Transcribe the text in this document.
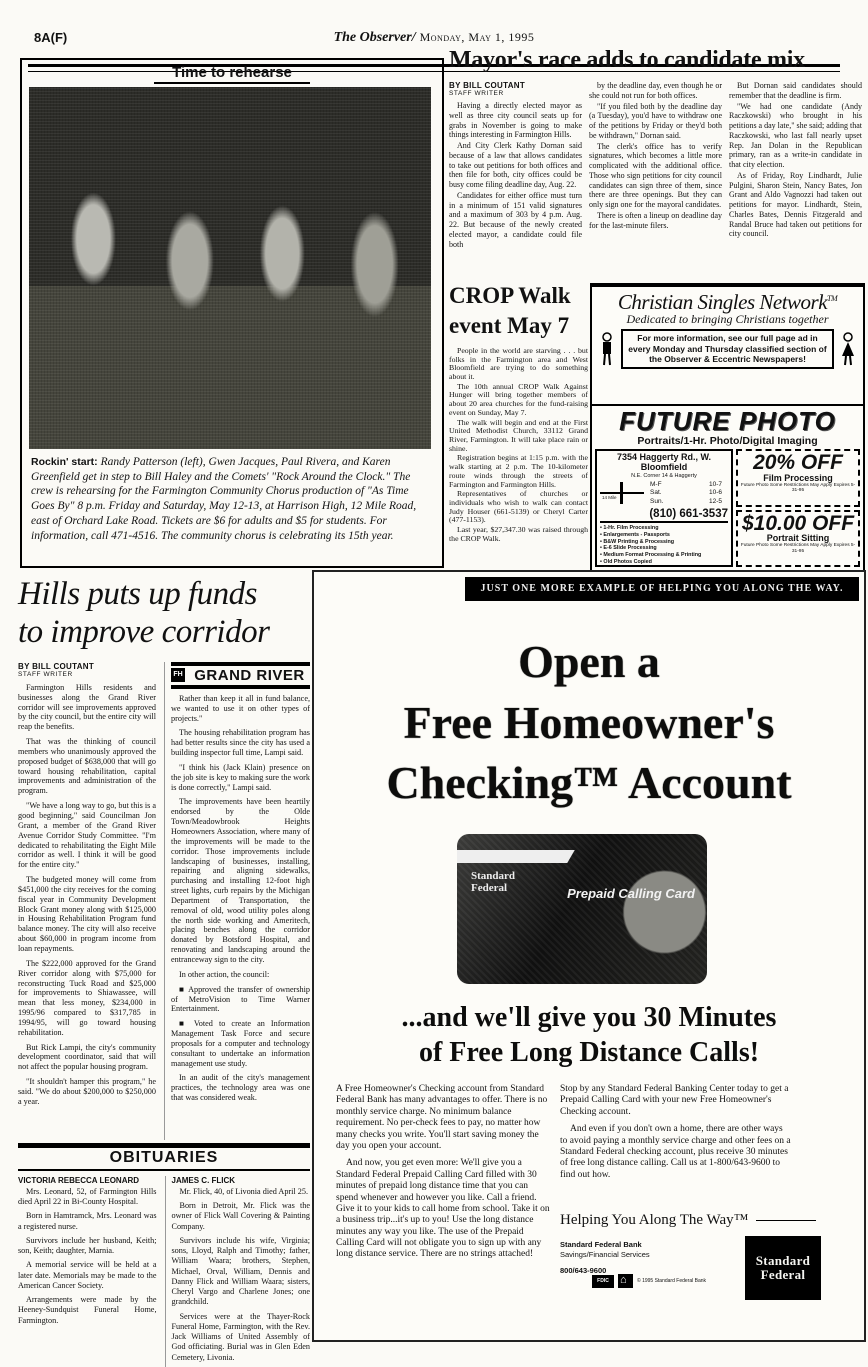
8A(F)	The Observer/ Monday, May 1, 1995
Time to rehearse

Rockin' start: Randy Patterson (left), Gwen Jacques, Paul Rivera, and Karen Greenfield get in step to Bill Haley and the Comets' "Rock Around the Clock." The crew is rehearsing for the Farmington Community Chorus production of "As Time Goes By" 8 p.m. Friday and Saturday, May 12-13, at Harrison High, 12 Mile Road, east of Orchard Lake Road. Tickets are $6 for adults and $5 for students. For information, call 471-4516. The community chorus is celebrating its 15th year.

Mayor's race adds to candidate mix
BY BILL COUTANT
STAFF WRITER

Having a directly elected mayor as well as three city council seats up for grabs in November is going to make things interesting in Farmington Hills.

And City Clerk Kathy Dornan said because of a law that allows candidates to take out petitions for both offices and then file for both, city offices could be busy come filing deadline day, Aug. 22.

Candidates for either office must turn in a minimum of 151 valid signatures and a maximum of 303 by 4 p.m. Aug. 22. But because of the newly created elected mayor, a candidate could file both

by the deadline day, even though he or she could not run for both offices.

"If you filed both by the deadline day (a Tuesday), you'd have to withdraw one of the petitions by Friday or they'd both be withdrawn," Dornan said.

The clerk's office has to verify signatures, which becomes a little more complicated with the additional office. Those who sign petitions for city council candidates can sign three of them, since there are three openings. But they can only sign one for the mayoral candidates.

There is often a lineup on deadline day for the last-minute filers.

But Dornan said candidates should remember that the deadline is firm.

"We had one candidate (Andy Raczkowski) who brought in his petitions a day late," she said; adding that Raczkowski, who last fall nearly upset Rep. Jan Dolan in the Republican primary, ran as a write-in candidate in that city election.

As of Friday, Roy Lindhardt, Julie Pulgini, Sharon Stein, Nancy Bates, Jon Grant and Aldo Vagnozzi had taken out petitions for mayor. Lindhardt, Stein, Charles Bates, Dennis Fitzgerald and Randal Bruce had taken out petitions for city council.

CROP Walk event May 7

People in the world are starving . . . but folks in the Farmington area and West Bloomfield are trying to do something about it.

The 10th annual CROP Walk Against Hunger will bring together members of about 20 area churches for the fund-raising event on Sunday, May 7.

The walk will begin and end at the First United Methodist Church, 33112 Grand River, Farmington. It will take place rain or shine.

Registration begins at 1:15 p.m. with the walk starting at 2 p.m. The 10-kilometer route winds through the streets of Farmington and Farmington Hills.

Representatives of churches or individuals who wish to walk can contact Judy Houser (661-5139) or Cheryl Carter (477-1153).

Last year, $27,347.30 was raised through the CROP Walk.

Christian Singles Network™
Dedicated to bringing Christians together
For more information, see our full page ad in every Monday and Thursday classified section of the Observer & Eccentric Newspapers!
FUTURE PHOTO
Portraits/1-Hr. Photo/Digital Imaging
7354 Haggerty Rd., W. Bloomfield
N.E. Corner 14 & Haggerty
14 Mile
M-F	10-7
Sat.	10-6
Sun.	12-5
(810) 661-3537
• 1-Hr. Film Processing
• Enlargements - Passports
• B&W Printing & Processing
• E-6 Slide Processing
• Medium Format Processing & Printing
• Old Photos Copied
•
20% OFF
Film Processing
Future Photo Some Restrictions May Apply Expires 5-31-95
$10.00 OFF
Portrait Sitting
Future Photo Some Restrictions May Apply Expires 5-31-95
Hills puts up funds
to improve corridor
BY BILL COUTANT
STAFF WRITER

Farmington Hills residents and businesses along the Grand River corridor will see improvements approved by the city council, but the entire city will reap the benefits.

That was the thinking of council members who unanimously approved the proposed budget of $638,000 that will go toward housing rehabilitation, capital improvements and administration of the program.

"We have a long way to go, but this is a good beginning," said Councilman Jon Grant, a member of the Grand River Avenue Corridor Study Committee. "I'm dedicated to rehabilitating the Eight Mile corridor as well. I think it will be good for the entire city."

The budgeted money will come from $451,000 the city receives for the coming fiscal year in Community Development Block Grant money along with $125,000 in Housing Rehabilitation Program fund balance money. The city will also receive about $60,000 in program income from loan repayments.

The $222,000 approved for the Grand River corridor along with $75,000 for reconstructing Tuck Road and $25,000 for improvements to Shiawassee, will mean that less money, $234,000 in 1995/96 compared to $317,785 in 1994/95, will go toward housing rehabilitation.

But Rick Lampi, the city's community development coordinator, said that will not affect the popular housing program.

"It shouldn't hamper this program," he said. "We do about $200,000 to $250,000 a year.

FH GRAND RIVER

Rather than keep it all in fund balance, we wanted to use it on other types of projects."

The housing rehabilitation program has had better results since the city has used a building inspector full time, Lampi said.

"I think his (Jack Klain) presence on the job site is key to making sure the work is done correctly," Lampi said.

The improvements have been heartily endorsed by the Olde Town/Meadowbrook Heights Homeowners Association, where many of the improvements will be made to the corridor. Those improvements include landscaping of businesses, installing, repairing and aligning sidewalks, purchasing and installing 12-foot high street lights, curb repairs by the Michigan Department of Transportation, the removal of old, wood utility poles along the north side working and Ameritech, placing benches along the corridor donated by Botsford Hospital, and renovating and landscaping around the entranceway sign to the city.

In other action, the council:

■ Approved the transfer of ownership of MetroVision to Time Warner Entertainment.

■ Voted to create an Information Management Task Force and secure proposals for a computer and technology consultant to undertake an information management use study.

In an audit of the city's management practices, the technology area was one that was considered weak.

OBITUARIES
VICTORIA REBECCA LEONARD

Mrs. Leonard, 52, of Farmington Hills died April 22 in Bi-County Hospital.

Born in Hamtramck, Mrs. Leonard was a registered nurse.

Survivors include her husband, Keith; son, Keith; daughter, Marnia.

A memorial service will be held at a later date. Memorials may be made to the American Cancer Society.

Arrangements were made by the Heeney-Sundquist Funeral Home, Farmington.

JAMES C. FLICK

Mr. Flick, 40, of Livonia died April 25.

Born in Detroit, Mr. Flick was the owner of Flick Wall Covering & Painting Company.

Survivors include his wife, Virginia; sons, Lloyd, Ralph and Timothy; father, William Waara; brothers, Stephen, Michael, Orval, William, Dennis and Danny Flick and William Waara; sisters, Cheryl Vargo and Charlene Jones; one grandchild.

Services were at the Thayer-Rock Funeral Home, Farmington, with the Rev. Jack Williams of United Assembly of God officiating. Burial was in Glen Eden Cemetery, Livonia.

JUST ONE MORE EXAMPLE OF HELPING YOU ALONG THE WAY.
Open a
Free Homeowner's
Checking™ Account
Standard
Federal	Prepaid Calling Card
...and we'll give you 30 Minutes
of Free Long Distance Calls!

A Free Homeowner's Checking account from Standard Federal Bank has many advantages to offer. There is no monthly service charge. No minimum balance requirement. No per-check fees to pay, no matter how many checks you write. You'll start saving money the day you open your account.

And now, you get even more: We'll give you a Standard Federal Prepaid Calling Card filled with 30 minutes of prepaid long distance time that you can spend whenever and however you like. Call a friend. Give it to your kids to call home from school. Take it on a business trip...it's up to you! Use the long distance minutes any way you like. The use of the Prepaid Calling Card will not obligate you to sign up with any long distance service. There are no strings attached!

Stop by any Standard Federal Banking Center today to get a Prepaid Calling Card with your new Free Homeowner's Checking account.

And even if you don't own a home, there are other ways to avoid paying a monthly service charge and other fees on a Standard Federal checking account, plus receive 30 minutes of free long distance calling. Call us at 1-800/643-9600 to find out how.

Helping You Along The Way™
Standard Federal Bank
Savings/Financial Services
800/643-9600
Standard
Federal
FDIC ⌂	© 1995 Standard Federal Bank
